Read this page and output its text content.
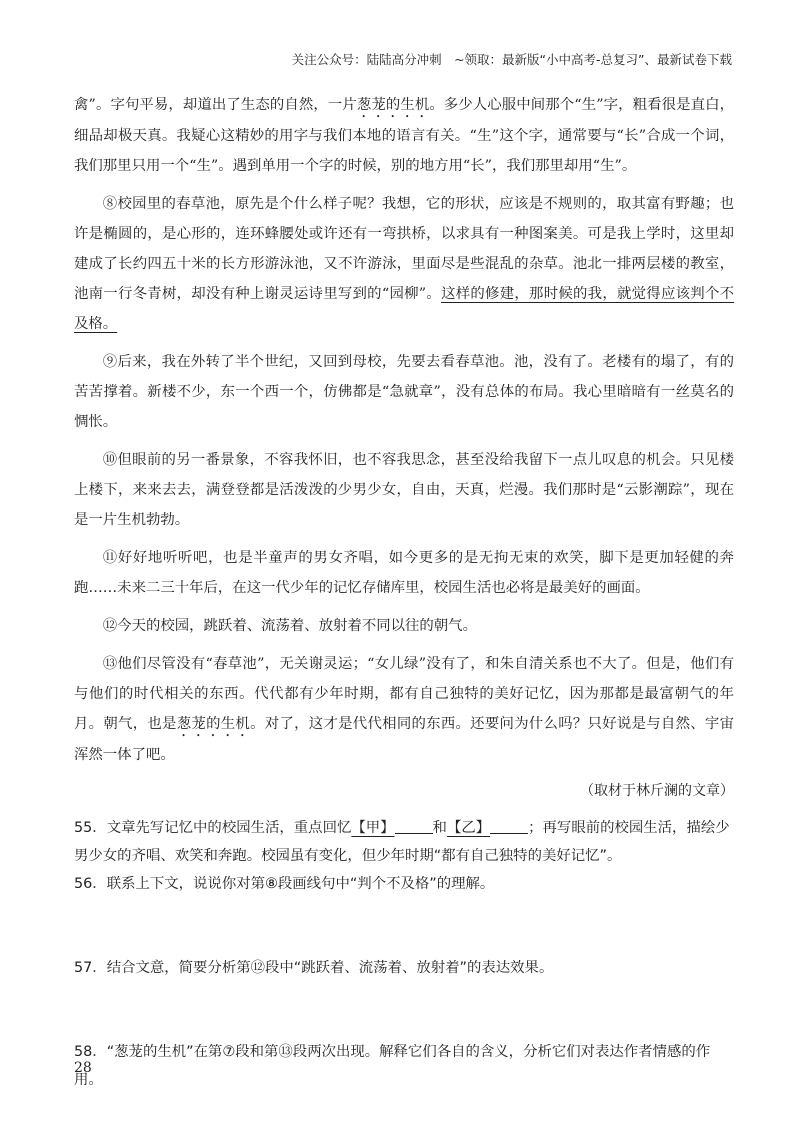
关注公众号：陆陆高分冲刺　~领取：最新版“小中高考-总复习”、最新试卷下载

禽”。字句平易，却道出了生态的自然，一片葱茏的生机。多少人心服中间那个“生”字，粗看很是直白，细品却极天真。我疑心这精妙的用字与我们本地的语言有关。“生”这个字，通常要与“长”合成一个词，我们那里只用一个“生”。遇到单用一个字的时候，别的地方用“长”，我们那里却用“生”。

⑧校园里的春草池，原先是个什么样子呢？我想，它的形状，应该是不规则的，取其富有野趣；也许是椭圆的，是心形的，连环蜂腰处或许还有一弯拱桥，以求具有一种图案美。可是我上学时，这里却建成了长约四五十米的长方形游泳池，又不许游泳，里面尽是些混乱的杂草。池北一排两层楼的教室，池南一行冬青树，却没有种上谢灵运诗里写到的“园柳”。这样的修建，那时候的我，就觉得应该判个不及格。

⑨后来，我在外转了半个世纪，又回到母校，先要去看春草池。池，没有了。老楼有的塌了，有的苦苦撑着。新楼不少，东一个西一个，仿佛都是“急就章”，没有总体的布局。我心里暗暗有一丝莫名的惆怅。

⑩但眼前的另一番景象，不容我怀旧，也不容我思念，甚至没给我留下一点儿叹息的机会。只见楼上楼下，来来去去，满登登都是活泼泼的少男少女，自由，天真，烂漫。我们那时是“云影潮踪”，现在是一片生机勃勃。

⑪好好地听听吧，也是半童声的男女齐唱，如今更多的是无拘无束的欢笑，脚下是更加轻健的奔跑……未来二三十年后，在这一代少年的记忆存储库里，校园生活也必将是最美好的画面。

⑫今天的校园，跳跃着、流荡着、放射着不同以往的朝气。

⑬他们尽管没有“春草池”，无关谢灵运；“女儿绿”没有了，和朱自清关系也不大了。但是，他们有与他们的时代相关的东西。代代都有少年时期，都有自己独特的美好记忆，因为那都是最富朝气的年月。朝气，也是葱茏的生机。对了，这才是代代相同的东西。还要问为什么吗？只好说是与自然、宇宙浑然一体了吧。

（取材于林斤澜的文章）

55．文章先写记忆中的校园生活，重点回忆【甲】	和【乙】	；再写眼前的校园生活，描绘少男少女的齐唱、欢笑和奔跑。校园虽有变化，但少年时期“都有自己独特的美好记忆”。

56．联系上下文，说说你对第⑧段画线句中“判个不及格”的理解。

57．结合文意，简要分析第⑫段中“跳跃着、流荡着、放射着”的表达效果。

58．“葱茏的生机”在第⑦段和第⑬段两次出现。解释它们各自的含义，分析它们对表达作者情感的作用。

28
